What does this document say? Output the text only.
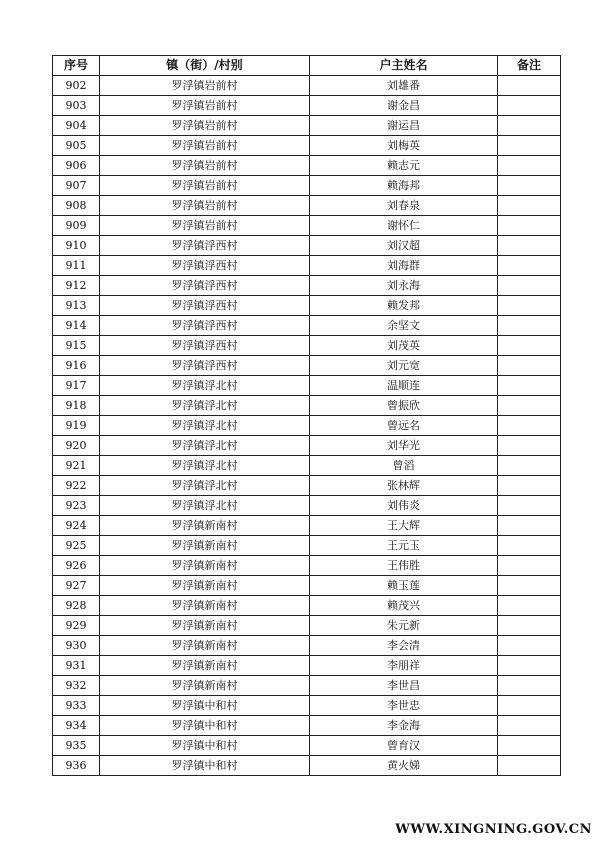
序号	镇（街）/村别	户主姓名	备注
902	罗浮镇岩前村	刘雄番	
903	罗浮镇岩前村	谢金昌	
904	罗浮镇岩前村	谢运昌	
905	罗浮镇岩前村	刘梅英	
906	罗浮镇岩前村	赖志元	
907	罗浮镇岩前村	赖海邦	
908	罗浮镇岩前村	刘春泉	
909	罗浮镇岩前村	谢怀仁	
910	罗浮镇浮西村	刘汉超	
911	罗浮镇浮西村	刘海群	
912	罗浮镇浮西村	刘永海	
913	罗浮镇浮西村	赖发邦	
914	罗浮镇浮西村	余坚文	
915	罗浮镇浮西村	刘茂英	
916	罗浮镇浮西村	刘元宽	
917	罗浮镇浮北村	温顺连	
918	罗浮镇浮北村	曾振欣	
919	罗浮镇浮北村	曾远名	
920	罗浮镇浮北村	刘华光	
921	罗浮镇浮北村	曾滔	
922	罗浮镇浮北村	张林辉	
923	罗浮镇浮北村	刘伟炎	
924	罗浮镇新南村	王大辉	
925	罗浮镇新南村	王元玉	
926	罗浮镇新南村	王伟胜	
927	罗浮镇新南村	赖玉莲	
928	罗浮镇新南村	赖茂兴	
929	罗浮镇新南村	朱元新	
930	罗浮镇新南村	李会清	
931	罗浮镇新南村	李朋祥	
932	罗浮镇新南村	李世昌	
933	罗浮镇中和村	李世忠	
934	罗浮镇中和村	李金海	
935	罗浮镇中和村	曾育汉	
936	罗浮镇中和村	黄火娣	
WWW.XINGNING.GOV.CN
